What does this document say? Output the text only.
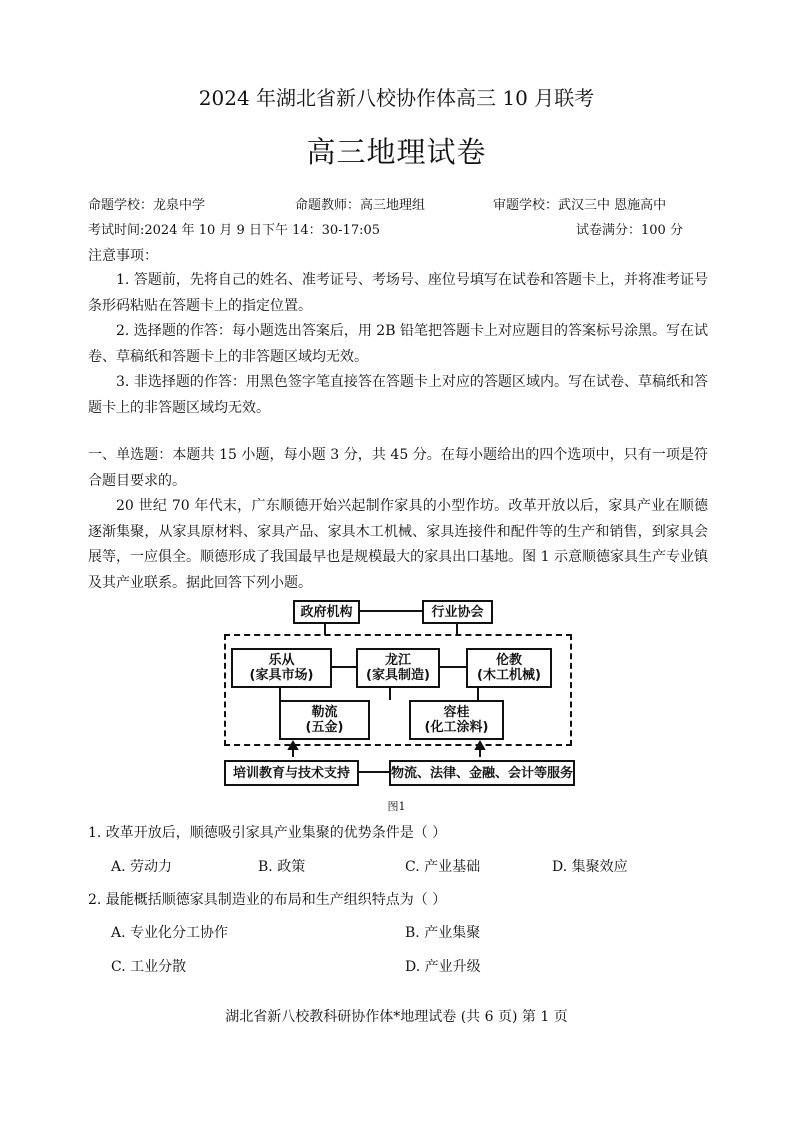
2024 年湖北省新八校协作体高三 10 月联考
高三地理试卷
命题学校：龙泉中学	命题教师：高三地理组	审题学校：武汉三中 恩施高中
考试时间:2024 年 10 月 9 日下午 14：30-17:05	试卷满分：100 分
注意事项：

1. 答题前，先将自己的姓名、准考证号、考场号、座位号填写在试卷和答题卡上，并将准考证号条形码粘贴在答题卡上的指定位置。

2. 选择题的作答：每小题选出答案后，用 2B 铅笔把答题卡上对应题目的答案标号涂黑。写在试卷、草稿纸和答题卡上的非答题区域均无效。

3. 非选择题的作答：用黑色签字笔直接答在答题卡上对应的答题区域内。写在试卷、草稿纸和答题卡上的非答题区域均无效。

一、单选题：本题共 15 小题，每小题 3 分，共 45 分。在每小题给出的四个选项中，只有一项是符合题目要求的。
20 世纪 70 年代末，广东顺德开始兴起制作家具的小型作坊。改革开放以后，家具产业在顺德逐渐集聚，从家具原材料、家具产品、家具木工机械、家具连接件和配件等的生产和销售，到家具会展等，一应俱全。顺德形成了我国最早也是规模最大的家具出口基地。图 1 示意顺德家具生产专业镇及其产业联系。据此回答下列小题。
政府机构	行业协会
乐从
(家具市场)
龙江
(家具制造)
伦教
(木工机械)
勒流
(五金)
容桂
(化工涂料)
培训教育与技术支持	物流、法律、金融、会计等服务
图1
1. 改革开放后，顺德吸引家具产业集聚的优势条件是（ ）
A. 劳动力	B. 政策	C. 产业基础	D. 集聚效应
2. 最能概括顺德家具制造业的布局和生产组织特点为（ ）
A. 专业化分工协作	B. 产业集聚
C. 工业分散	D. 产业升级
湖北省新八校教科研协作体*地理试卷 (共 6 页) 第 1 页
